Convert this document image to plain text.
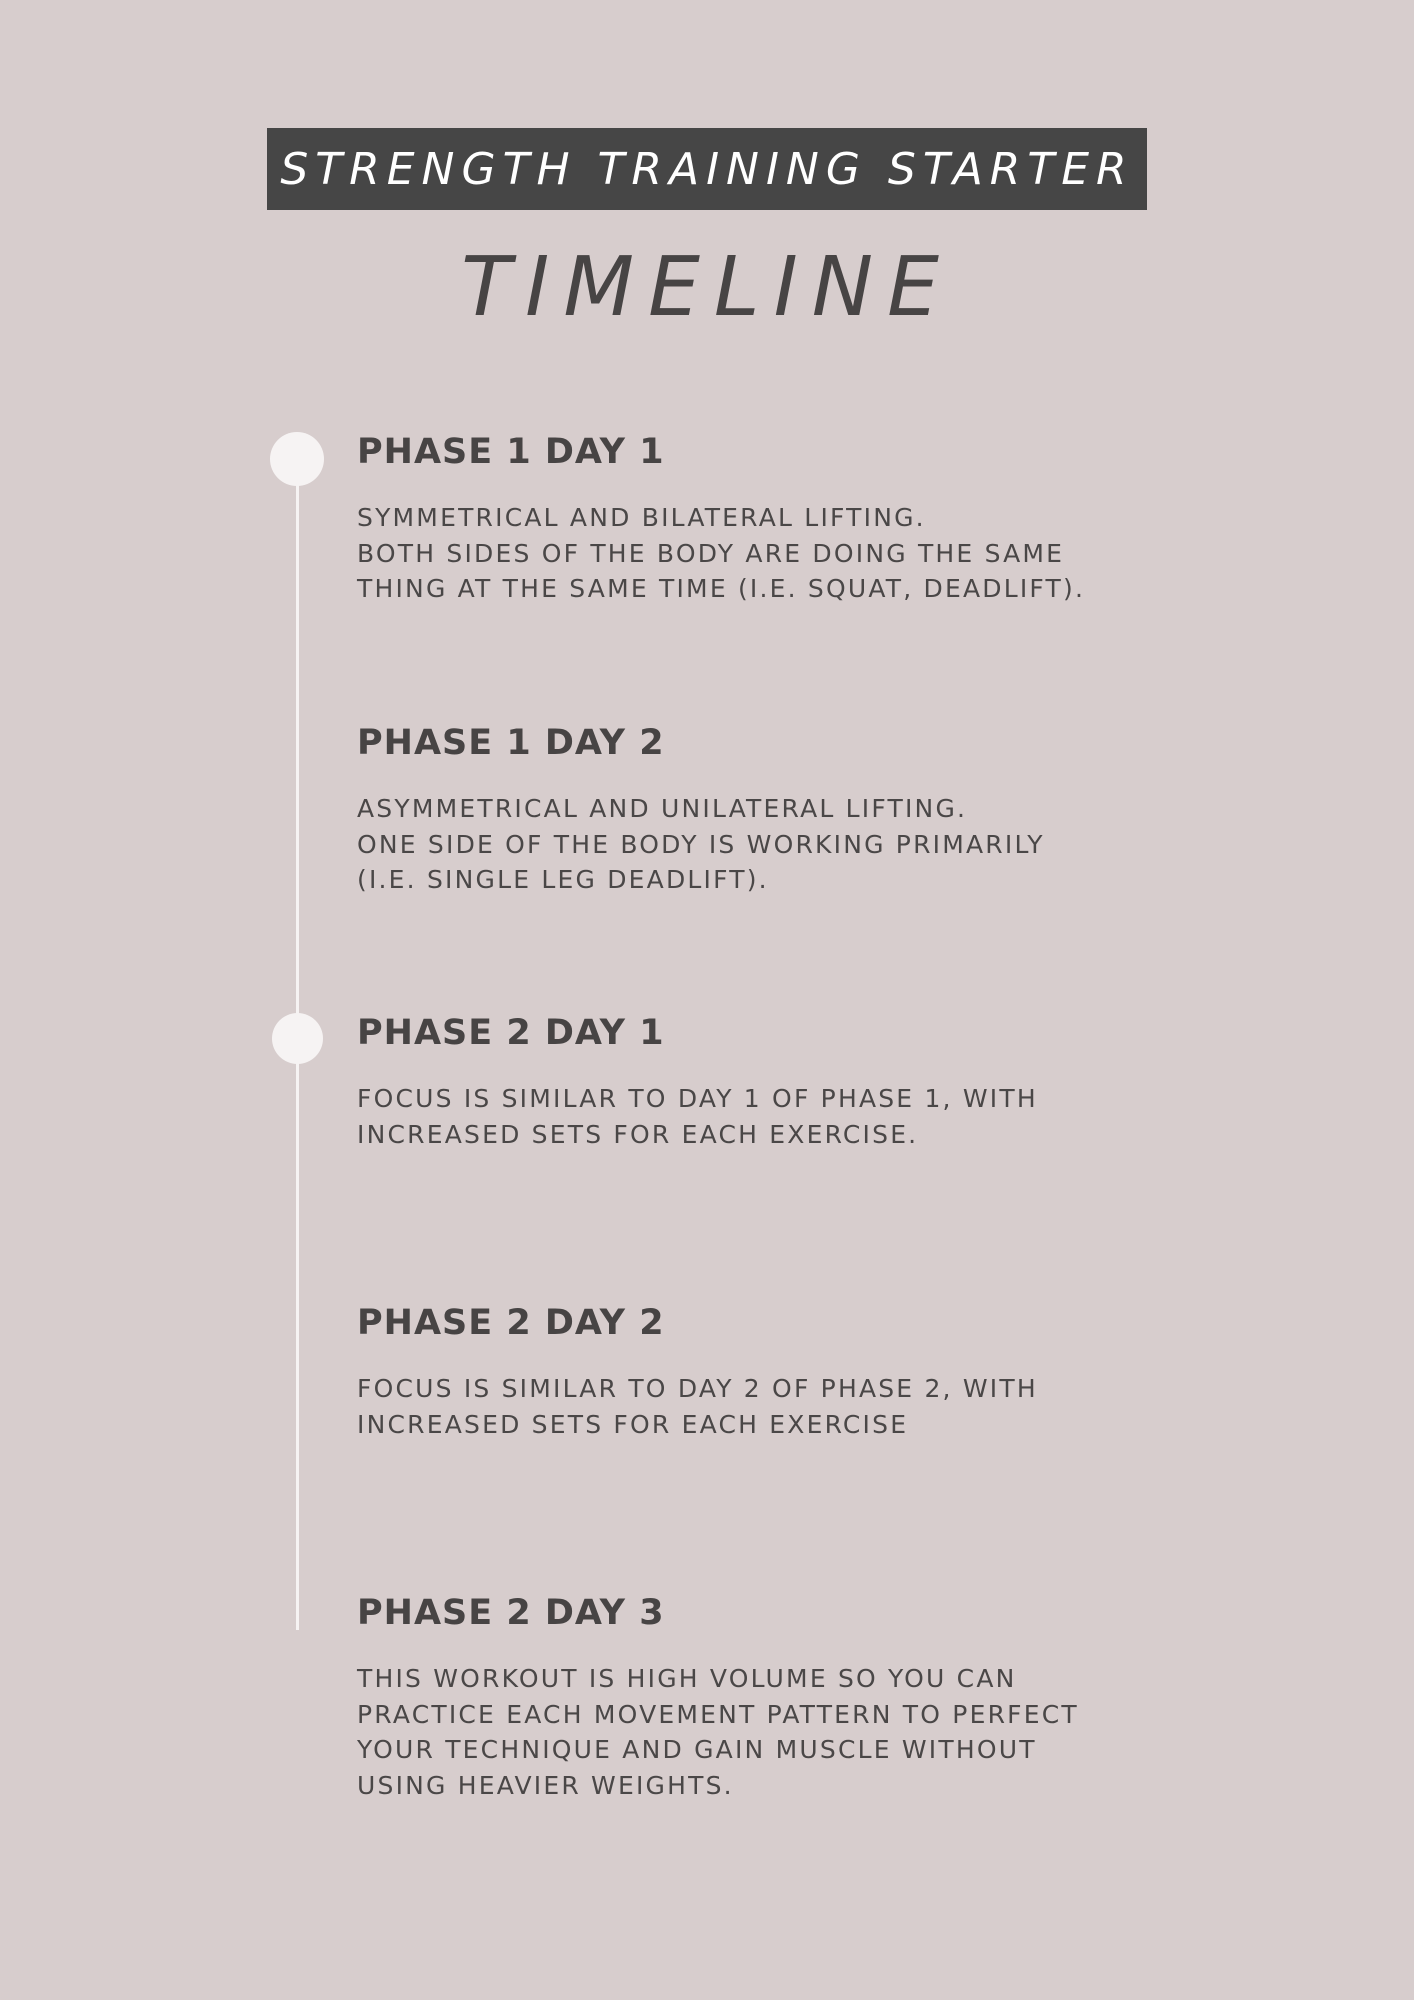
STRENGTH TRAINING STARTER
TIMELINE
PHASE 1 DAY 1
SYMMETRICAL AND BILATERAL LIFTING.
BOTH SIDES OF THE BODY ARE DOING THE SAME
THING AT THE SAME TIME (I.E. SQUAT, DEADLIFT).
PHASE 1 DAY 2
ASYMMETRICAL AND UNILATERAL LIFTING.
ONE SIDE OF THE BODY IS WORKING PRIMARILY
(I.E. SINGLE LEG DEADLIFT).
PHASE 2 DAY 1
FOCUS IS SIMILAR TO DAY 1 OF PHASE 1, WITH
INCREASED SETS FOR EACH EXERCISE.
PHASE 2 DAY 2
FOCUS IS SIMILAR TO DAY 2 OF PHASE 2, WITH
INCREASED SETS FOR EACH EXERCISE
PHASE 2 DAY 3
THIS WORKOUT IS HIGH VOLUME SO YOU CAN
PRACTICE EACH MOVEMENT PATTERN TO PERFECT
YOUR TECHNIQUE AND GAIN MUSCLE WITHOUT
USING HEAVIER WEIGHTS.
